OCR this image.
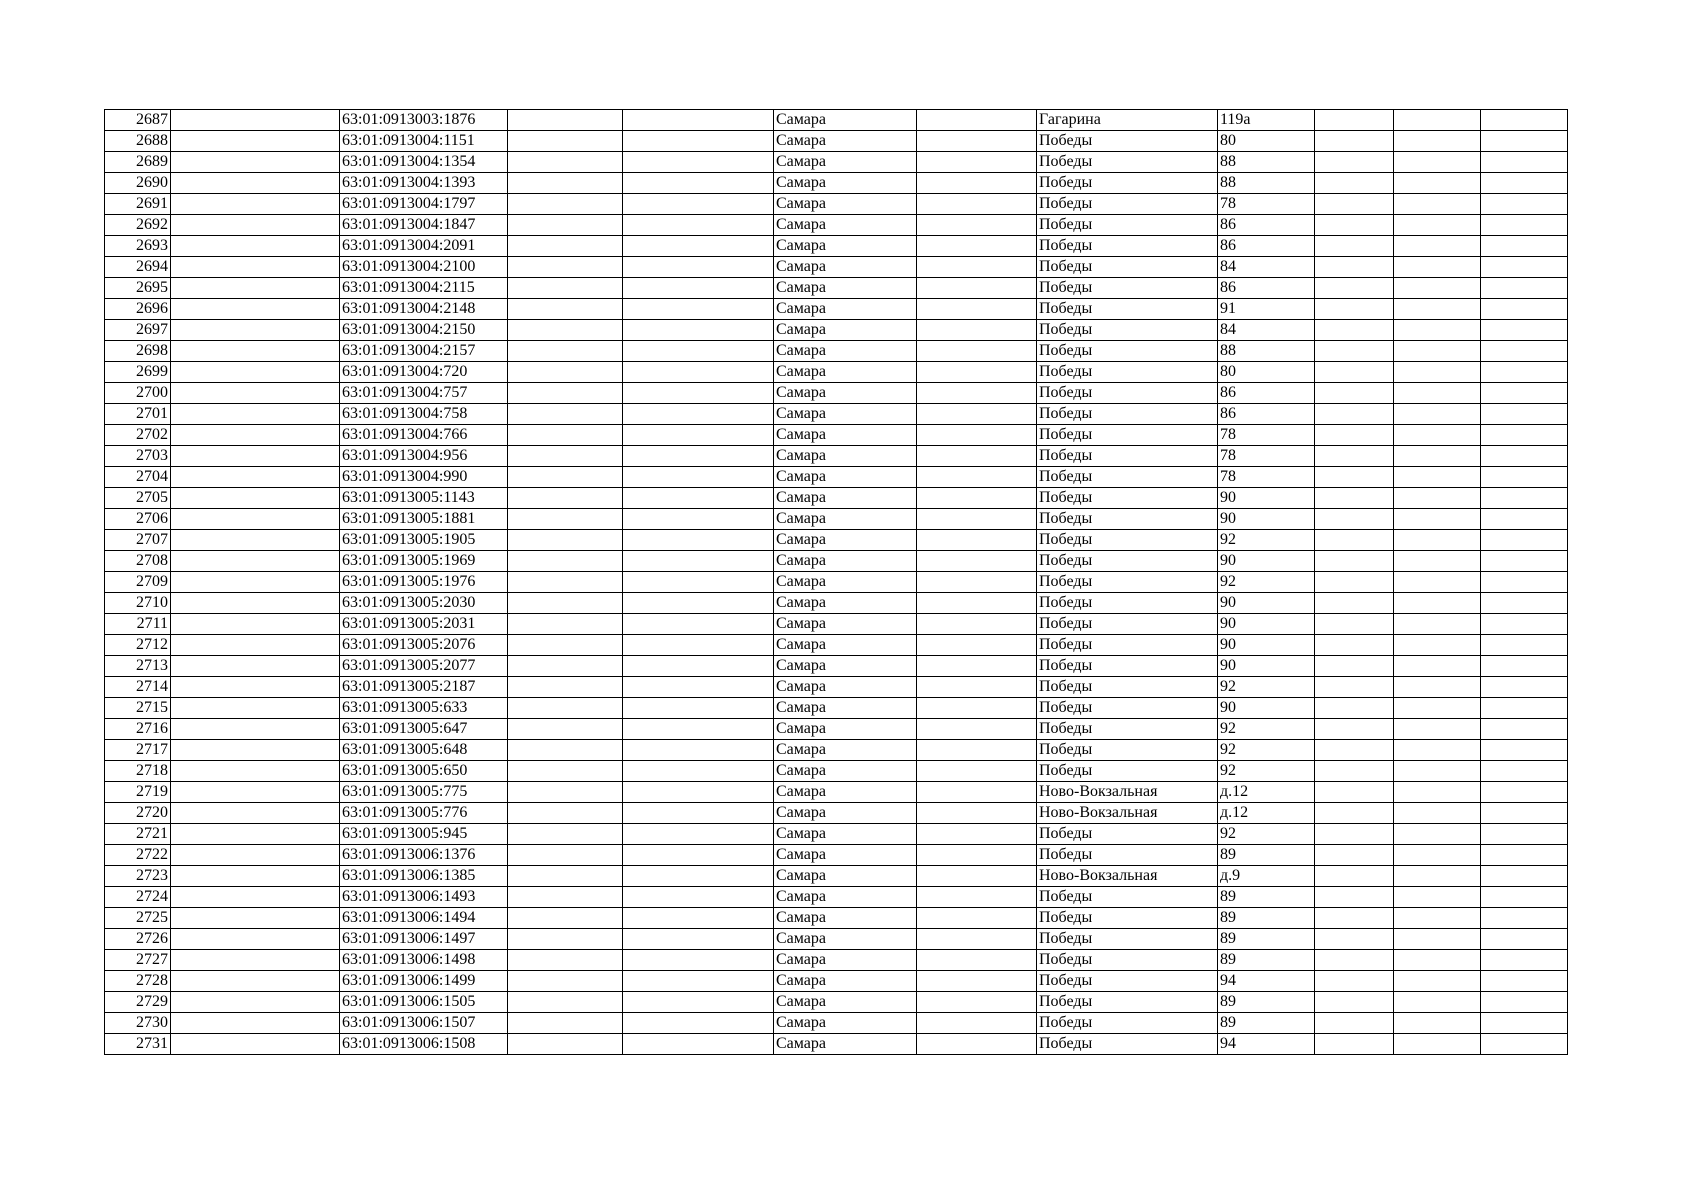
2687		63:01:0913003:1876			Самара		Гагарина	119а			
2688		63:01:0913004:1151			Самара		Победы	80			
2689		63:01:0913004:1354			Самара		Победы	88			
2690		63:01:0913004:1393			Самара		Победы	88			
2691		63:01:0913004:1797			Самара		Победы	78			
2692		63:01:0913004:1847			Самара		Победы	86			
2693		63:01:0913004:2091			Самара		Победы	86			
2694		63:01:0913004:2100			Самара		Победы	84			
2695		63:01:0913004:2115			Самара		Победы	86			
2696		63:01:0913004:2148			Самара		Победы	91			
2697		63:01:0913004:2150			Самара		Победы	84			
2698		63:01:0913004:2157			Самара		Победы	88			
2699		63:01:0913004:720			Самара		Победы	80			
2700		63:01:0913004:757			Самара		Победы	86			
2701		63:01:0913004:758			Самара		Победы	86			
2702		63:01:0913004:766			Самара		Победы	78			
2703		63:01:0913004:956			Самара		Победы	78			
2704		63:01:0913004:990			Самара		Победы	78			
2705		63:01:0913005:1143			Самара		Победы	90			
2706		63:01:0913005:1881			Самара		Победы	90			
2707		63:01:0913005:1905			Самара		Победы	92			
2708		63:01:0913005:1969			Самара		Победы	90			
2709		63:01:0913005:1976			Самара		Победы	92			
2710		63:01:0913005:2030			Самара		Победы	90			
2711		63:01:0913005:2031			Самара		Победы	90			
2712		63:01:0913005:2076			Самара		Победы	90			
2713		63:01:0913005:2077			Самара		Победы	90			
2714		63:01:0913005:2187			Самара		Победы	92			
2715		63:01:0913005:633			Самара		Победы	90			
2716		63:01:0913005:647			Самара		Победы	92			
2717		63:01:0913005:648			Самара		Победы	92			
2718		63:01:0913005:650			Самара		Победы	92			
2719		63:01:0913005:775			Самара		Ново-Вокзальная	д.12			
2720		63:01:0913005:776			Самара		Ново-Вокзальная	д.12			
2721		63:01:0913005:945			Самара		Победы	92			
2722		63:01:0913006:1376			Самара		Победы	89			
2723		63:01:0913006:1385			Самара		Ново-Вокзальная	д.9			
2724		63:01:0913006:1493			Самара		Победы	89			
2725		63:01:0913006:1494			Самара		Победы	89			
2726		63:01:0913006:1497			Самара		Победы	89			
2727		63:01:0913006:1498			Самара		Победы	89			
2728		63:01:0913006:1499			Самара		Победы	94			
2729		63:01:0913006:1505			Самара		Победы	89			
2730		63:01:0913006:1507			Самара		Победы	89			
2731		63:01:0913006:1508			Самара		Победы	94			
